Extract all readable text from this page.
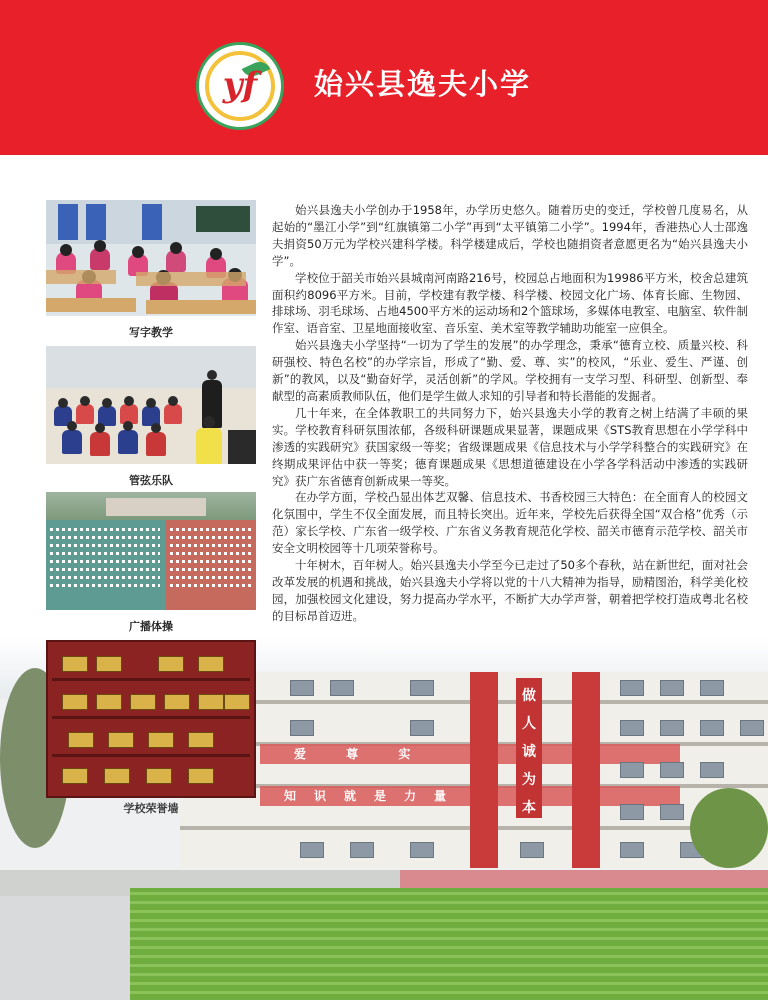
yf	始兴县逸夫小学
写字教学
管弦乐队
广播体操
爱 尊 实
知识就是力量
做人诚为本
学校荣誉墙

始兴县逸夫小学创办于1958年，办学历史悠久。随着历史的变迁，学校曾几度易名，从起始的“墨江小学”到“红旗镇第二小学”再到“太平镇第二小学”。1994年，香港热心人士邵逸夫捐资50万元为学校兴建科学楼。科学楼建成后，学校也随捐资者意愿更名为“始兴县逸夫小学”。

学校位于韶关市始兴县城南河南路216号，校园总占地面积为19986平方米，校舍总建筑面积约8096平方米。目前，学校建有教学楼、科学楼、校园文化广场、体育长廊、生物园、排球场、羽毛球场、占地4500平方米的运动场和2个篮球场，多媒体电教室、电脑室、软件制作室、语音室、卫星地面接收室、音乐室、美术室等教学辅助功能室一应俱全。

始兴县逸夫小学坚持“一切为了学生的发展”的办学理念，秉承“德育立校、质量兴校、科研强校、特色名校”的办学宗旨，形成了“勤、爱、尊、实”的校风，“乐业、爱生、严谨、创新”的教风，以及“勤奋好学，灵活创新”的学风。学校拥有一支学习型、科研型、创新型、奉献型的高素质教师队伍，他们是学生做人求知的引导者和特长潜能的发掘者。

几十年来，在全体教职工的共同努力下，始兴县逸夫小学的教育之树上结满了丰硕的果实。学校教育科研氛围浓郁，各级科研课题成果显著，课题成果《STS教育思想在小学学科中渗透的实践研究》获国家级一等奖；省级课题成果《信息技术与小学学科整合的实践研究》在终期成果评估中获一等奖；德育课题成果《思想道德建设在小学各学科活动中渗透的实践研究》获广东省德育创新成果一等奖。

在办学方面，学校凸显出体艺双馨、信息技术、书香校园三大特色：在全面育人的校园文化氛围中，学生不仅全面发展，而且特长突出。近年来，学校先后获得全国“双合格”优秀（示范）家长学校、广东省一级学校、广东省义务教育规范化学校、韶关市德育示范学校、韶关市安全文明校园等十几项荣誉称号。

十年树木，百年树人。始兴县逸夫小学至今已走过了50多个春秋，站在新世纪，面对社会改革发展的机遇和挑战，始兴县逸夫小学将以党的十八大精神为指导，励精图治，科学美化校园，加强校园文化建设，努力提高办学水平，不断扩大办学声誉，朝着把学校打造成粤北名校的目标昂首迈进。
